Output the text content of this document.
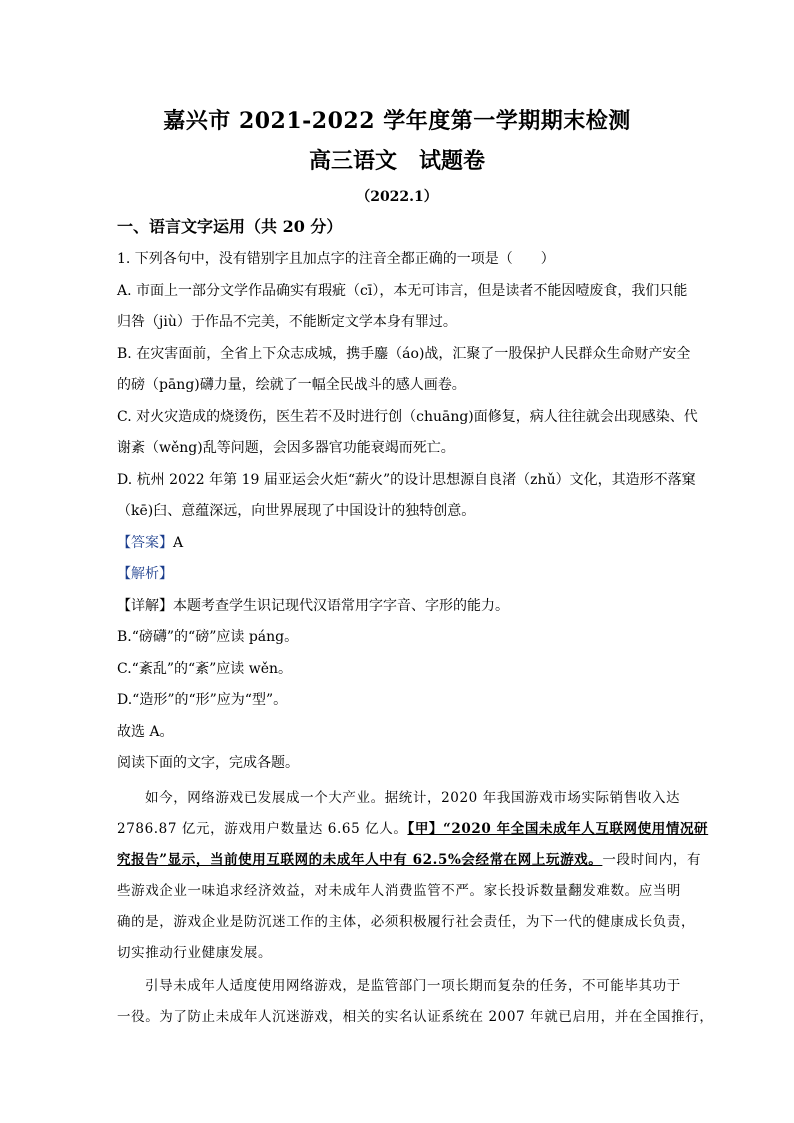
嘉兴市 2021-2022 学年度第一学期期末检测
高三语文 试题卷
（2022.1）
一、语言文字运用（共 20 分）
1. 下列各句中，没有错别字且加点字的注音全都正确的一项是（　　）
A. 市面上一部分文学作品确实有瑕疵（cī），本无可讳言，但是读者不能因噎废食，我们只能
归咎（jiù）于作品不完美，不能断定文学本身有罪过。
B. 在灾害面前，全省上下众志成城，携手鏖（áo)战，汇聚了一股保护人民群众生命财产安全
的磅（pāng)礴力量，绘就了一幅全民战斗的感人画卷。
C. 对火灾造成的烧烫伤，医生若不及时进行创（chuāng)面修复，病人往往就会出现感染、代
谢紊（wěng)乱等问题，会因多器官功能衰竭而死亡。
D. 杭州 2022 年第 19 届亚运会火炬“薪火”的设计思想源自良渚（zhǔ）文化，其造形不落窠
（kē)臼、意蕴深远，向世界展现了中国设计的独特创意。
【答案】A
【解析】
【详解】本题考查学生识记现代汉语常用字字音、字形的能力。
B.“磅礴”的“磅”应读 páng。
C.“紊乱”的“紊”应读 wěn。
D.“造形”的“形”应为“型”。
故选 A。
阅读下面的文字，完成各题。
如今，网络游戏已发展成一个大产业。据统计，2020 年我国游戏市场实际销售收入达
2786.87 亿元，游戏用户数量达 6.65 亿人。【甲】“2020 年全国未成年人互联网使用情况研
究报告”显示，当前使用互联网的未成年人中有 62.5%会经常在网上玩游戏。一段时间内，有
些游戏企业一味追求经济效益，对未成年人消费监管不严。家长投诉数量翻发难数。应当明
确的是，游戏企业是防沉迷工作的主体，必须积极履行社会责任，为下一代的健康成长负责，
切实推动行业健康发展。
引导未成年人适度使用网络游戏，是监管部门一项长期而复杂的任务，不可能毕其功于
一役。为了防止未成年人沉迷游戏，相关的实名认证系统在 2007 年就已启用，并在全国推行，
